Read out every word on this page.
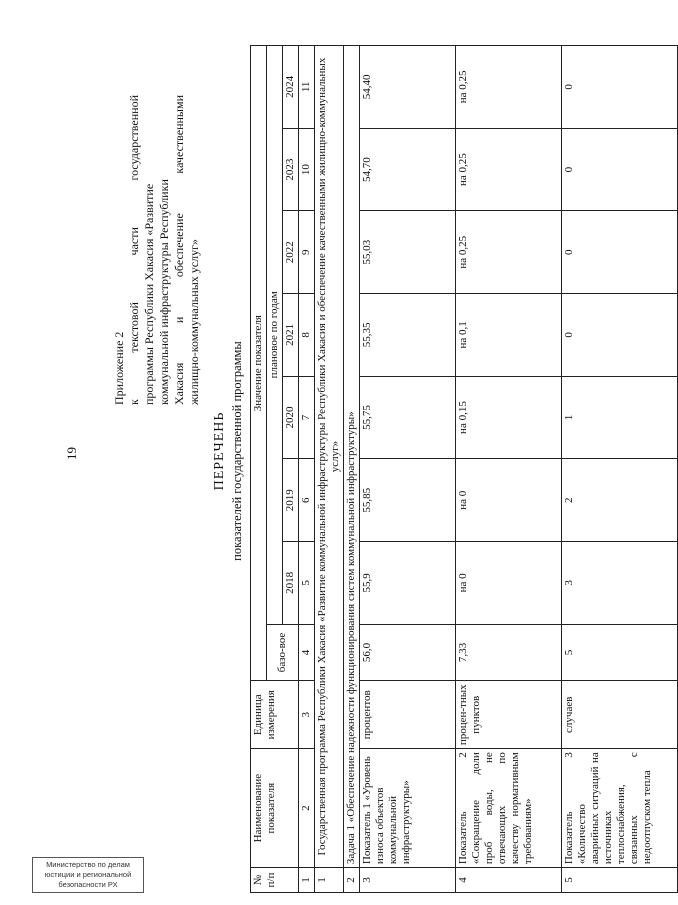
19
Приложение 2 к
текстовой
части
государственной
программы Республики Хакасия «Развитие коммунальной инфраструктуры Республики Хакасия
и
обеспечение
качественными
жилищно-коммунальных услуг»
ПЕРЕЧЕНЬ показателей государственной программы
№ п/п	Наименование показателя	Единица измерения	Значение показателя							
			базо-вое	плановое по годам						
				2018	2019	2020	2021	2022	2023	2024
1	2	3	4	5	6	7	8	9	10	11
1	Государственная программа Республики Хакасия «Развитие коммунальной инфраструктуры Республики Хакасия и обеспечение качественными жилищно-коммунальных услуг»									
2	Задача 1 «Обеспечение надежности функционирования систем коммунальной инфраструктуры»									
3	Показатель 1 «Уровень износа объектов коммунальной инфраструктуры»	процентов	56,0	55,9	55,85	55,75	55,35	55,03	54,70	54,40
4	Показатель 2 «Сокращение доли проб воды, не отвечающих по качеству нормативным требованиям»	процен-тных пунктов	7,33	на 0	на 0	на 0,15	на 0,1	на 0,25	на 0,25	на 0,25
5	Показатель 3 «Количество аварийных ситуаций на источниках теплоснабжения, связанных с недоотпуском тепла	случаев	5	3	2	1	0	0	0	0
Министерство по делам
юстиции и региональной
безопасности РХ
